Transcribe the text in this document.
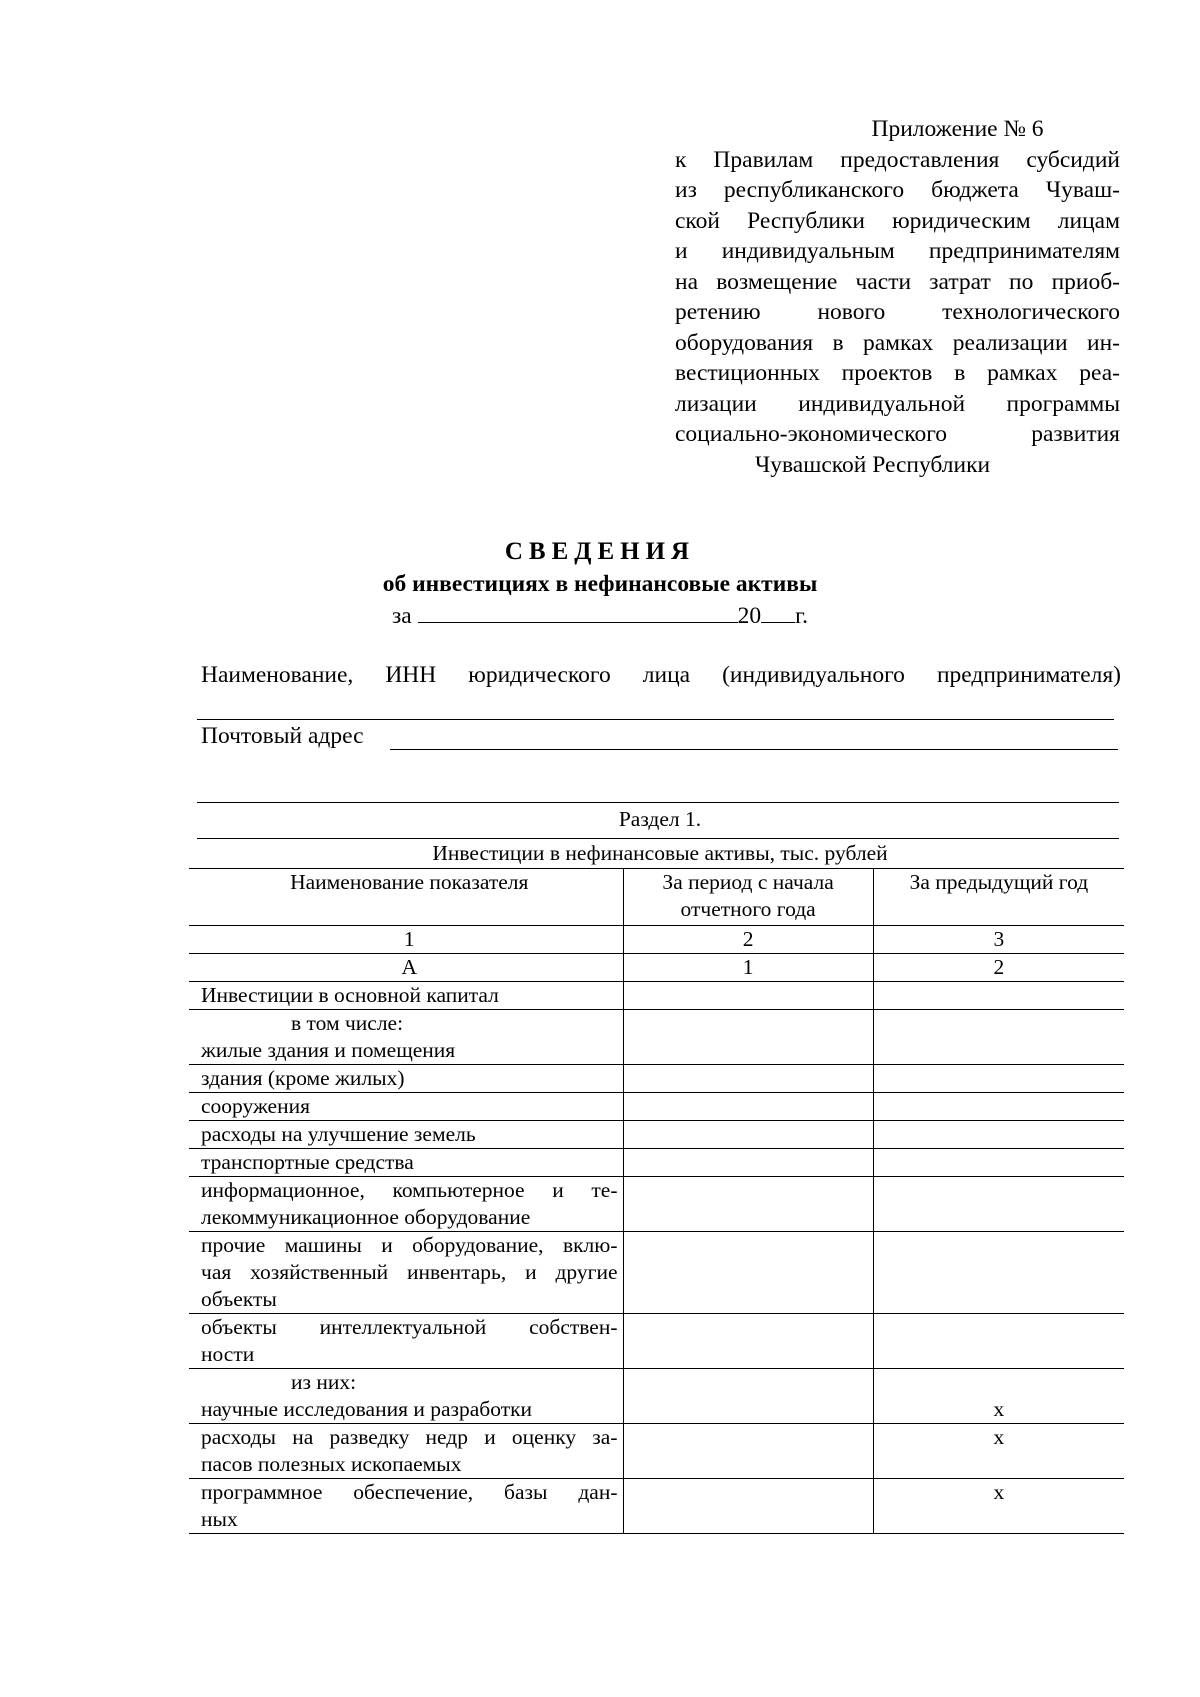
Приложение № 6
к Правилам предоставления субсидий
из республиканского бюджета Чуваш-
ской Республики юридическим лицам
и индивидуальным предпринимателям
на возмещение части затрат по приоб-
ретению нового технологического
оборудования в рамках реализации ин-
вестиционных проектов в рамках реа-
лизации индивидуальной программы
социально-экономического развития
Чувашской Республики
СВЕДЕНИЯ
об инвестициях в нефинансовые активы
за	20 г.
Наименование, ИНН юридического лица (индивидуального предпринимателя)
Почтовый адрес
Раздел 1.
Инвестиции в нефинансовые активы, тыс. рублей
Наименование показателя	За период с начала отчетного года	За предыдущий год
1	2	3
А	1	2
Инвестиции в основной капитал		

в том числе:
жилые здания и помещения		

здания (кроме жилых)		
сооружения		
расходы на улучшение земель		
транспортные средства		

информационное, компьютерное и те-
лекоммуникационное оборудование		

прочие машины и оборудование, вклю-
чая хозяйственный инвентарь, и другие
объекты		

объекты интеллектуальной собствен-
ности		

из них:
научные исследования и разработки		х

расходы на разведку недр и оценку за-
пасов полезных ископаемых		х

программное обеспечение, базы дан-
ных		х
